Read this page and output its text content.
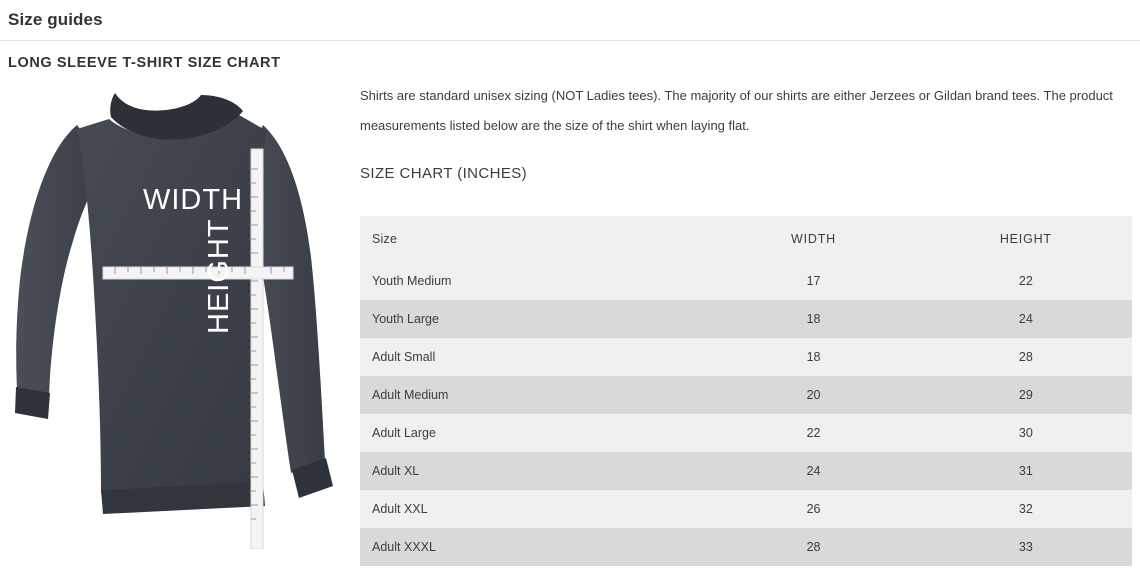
Size guides
LONG SLEEVE T-SHIRT SIZE CHART
WIDTH
HEIGHT

Shirts are standard unisex sizing (NOT Ladies tees). The majority of our shirts are either Jerzees or Gildan brand tees. The product measurements listed below are the size of the shirt when laying flat.

SIZE CHART (INCHES)
Size	WIDTH	HEIGHT
Youth Medium	17	22
Youth Large	18	24
Adult Small	18	28
Adult Medium	20	29
Adult Large	22	30
Adult XL	24	31
Adult XXL	26	32
Adult XXXL	28	33
